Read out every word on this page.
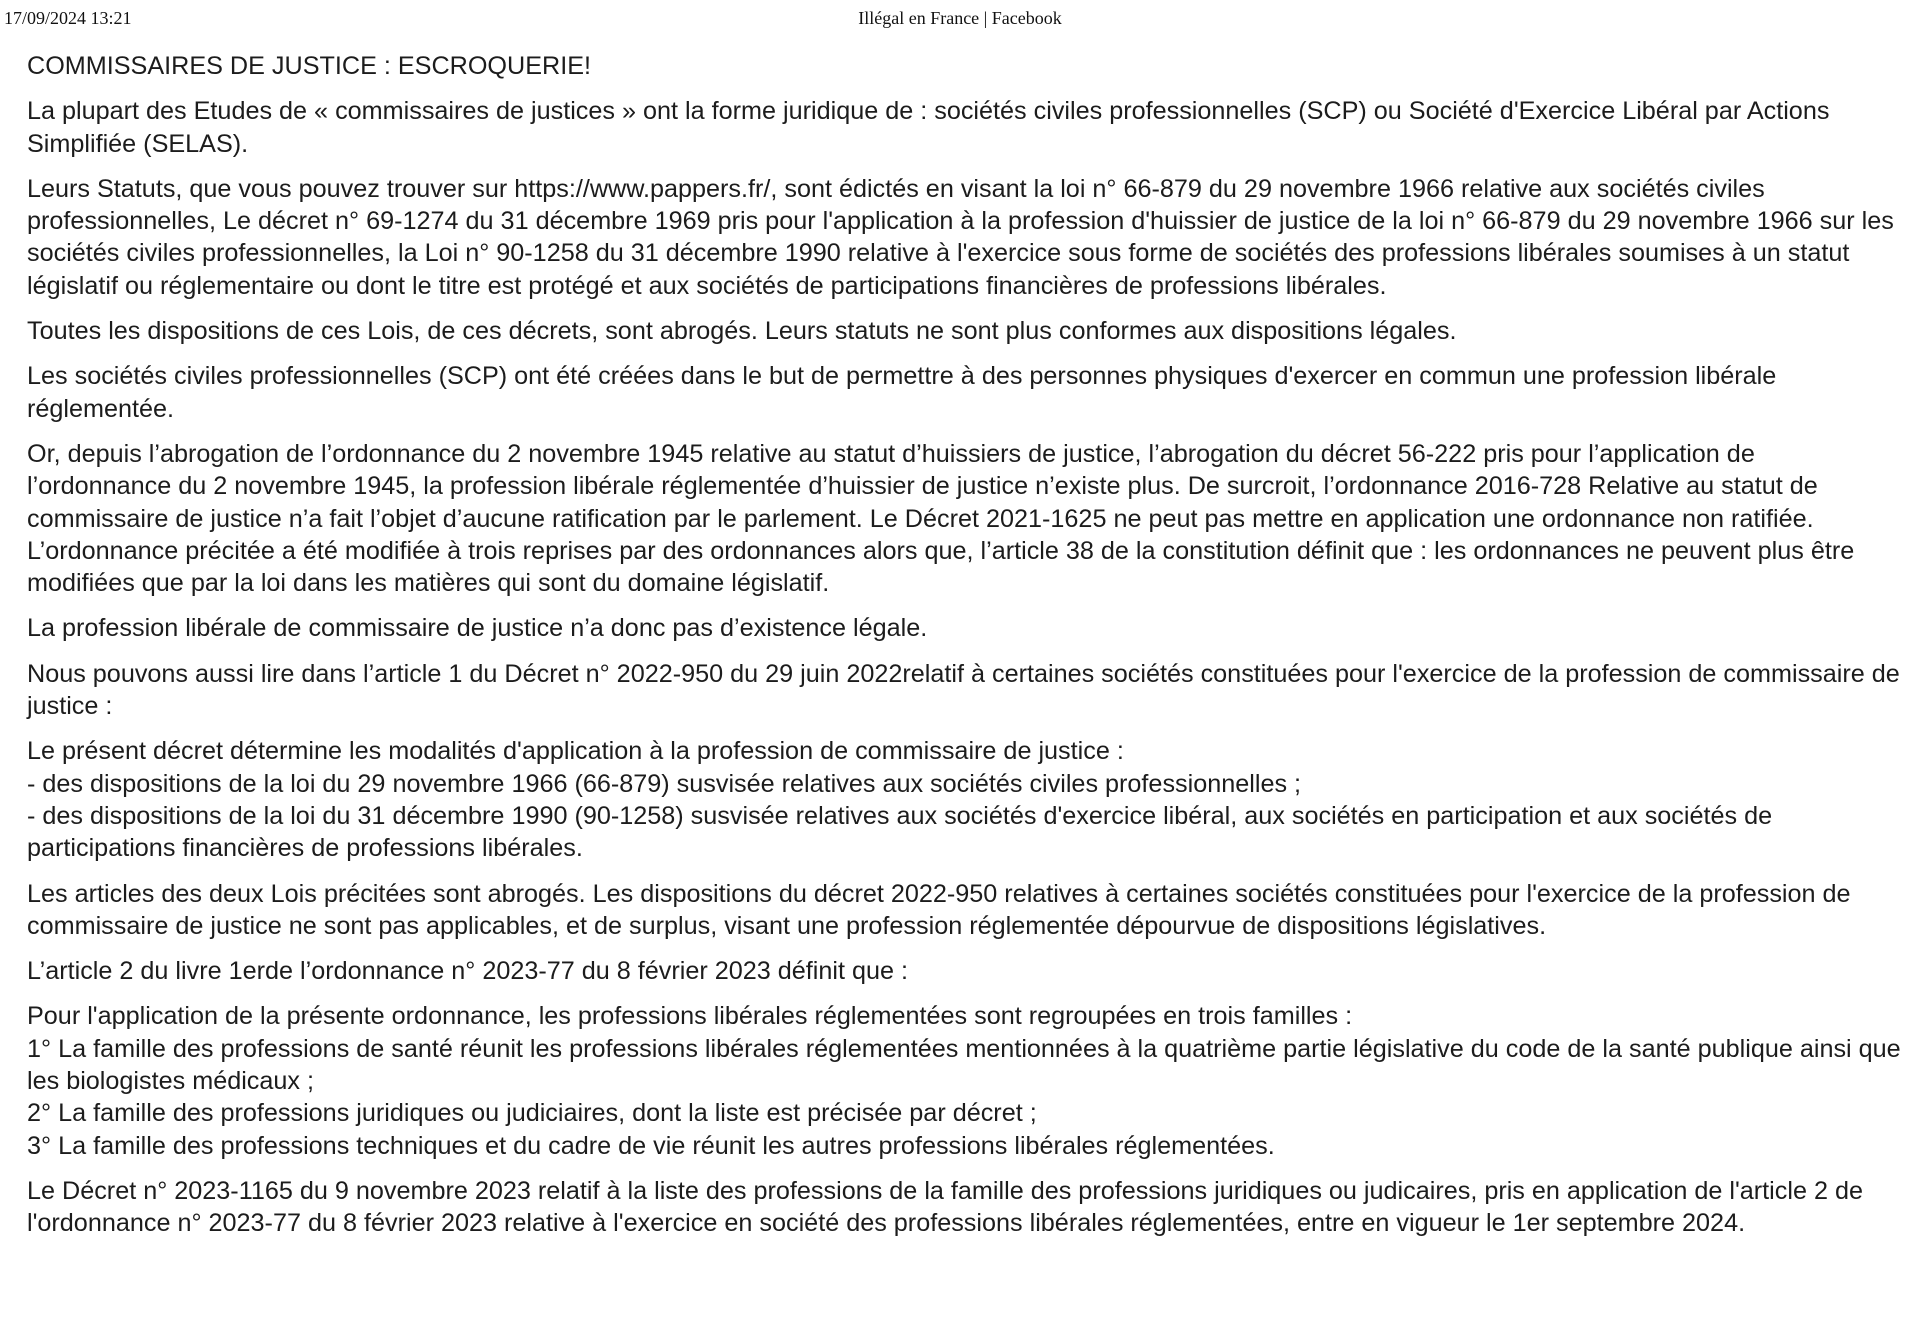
17/09/2024 13:21	Illégal en France | Facebook

COMMISSAIRES DE JUSTICE : ESCROQUERIE!

La plupart des Etudes de « commissaires de justices » ont la forme juridique de : sociétés civiles professionnelles (SCP) ou Société d'Exercice Libéral par Actions Simplifiée (SELAS).

Leurs Statuts, que vous pouvez trouver sur https://www.pappers.fr/, sont édictés en visant la loi n° 66-879 du 29 novembre 1966 relative aux sociétés civiles professionnelles, Le décret n° 69-1274 du 31 décembre 1969 pris pour l'application à la profession d'huissier de justice de la loi n° 66-879 du 29 novembre 1966 sur les sociétés civiles professionnelles, la Loi n° 90-1258 du 31 décembre 1990 relative à l'exercice sous forme de sociétés des professions libérales soumises à un statut législatif ou réglementaire ou dont le titre est protégé et aux sociétés de participations financières de professions libérales.

Toutes les dispositions de ces Lois, de ces décrets, sont abrogés. Leurs statuts ne sont plus conformes aux dispositions légales.

Les sociétés civiles professionnelles (SCP) ont été créées dans le but de permettre à des personnes physiques d'exercer en commun une profession libérale réglementée.

Or, depuis l’abrogation de l’ordonnance du 2 novembre 1945 relative au statut d’huissiers de justice, l’abrogation du décret 56-222 pris pour l’application de l’ordonnance du 2 novembre 1945, la profession libérale réglementée d’huissier de justice n’existe plus. De surcroit, l’ordonnance 2016-728 Relative au statut de commissaire de justice n’a fait l’objet d’aucune ratification par le parlement. Le Décret 2021-1625 ne peut pas mettre en application une ordonnance non ratifiée. L’ordonnance précitée a été modifiée à trois reprises par des ordonnances alors que, l’article 38 de la constitution définit que : les ordonnances ne peuvent plus être modifiées que par la loi dans les matières qui sont du domaine législatif.

La profession libérale de commissaire de justice n’a donc pas d’existence légale.

Nous pouvons aussi lire dans l’article 1 du Décret n° 2022-950 du 29 juin 2022relatif à certaines sociétés constituées pour l'exercice de la profession de commissaire de justice :

Le présent décret détermine les modalités d'application à la profession de commissaire de justice :
- des dispositions de la loi du 29 novembre 1966 (66-879) susvisée relatives aux sociétés civiles professionnelles ;
- des dispositions de la loi du 31 décembre 1990 (90-1258) susvisée relatives aux sociétés d'exercice libéral, aux sociétés en participation et aux sociétés de participations financières de professions libérales.

Les articles des deux Lois précitées sont abrogés. Les dispositions du décret 2022-950 relatives à certaines sociétés constituées pour l'exercice de la profession de commissaire de justice ne sont pas applicables, et de surplus, visant une profession réglementée dépourvue de dispositions législatives.

L’article 2 du livre 1erde l’ordonnance n° 2023-77 du 8 février 2023 définit que :

Pour l'application de la présente ordonnance, les professions libérales réglementées sont regroupées en trois familles :
1° La famille des professions de santé réunit les professions libérales réglementées mentionnées à la quatrième partie législative du code de la santé publique ainsi que les biologistes médicaux ;
2° La famille des professions juridiques ou judiciaires, dont la liste est précisée par décret ;
3° La famille des professions techniques et du cadre de vie réunit les autres professions libérales réglementées.

Le Décret n° 2023-1165 du 9 novembre 2023 relatif à la liste des professions de la famille des professions juridiques ou judicaires, pris en application de l'article 2 de l'ordonnance n° 2023-77 du 8 février 2023 relative à l'exercice en société des professions libérales réglementées, entre en vigueur le 1er septembre 2024.
